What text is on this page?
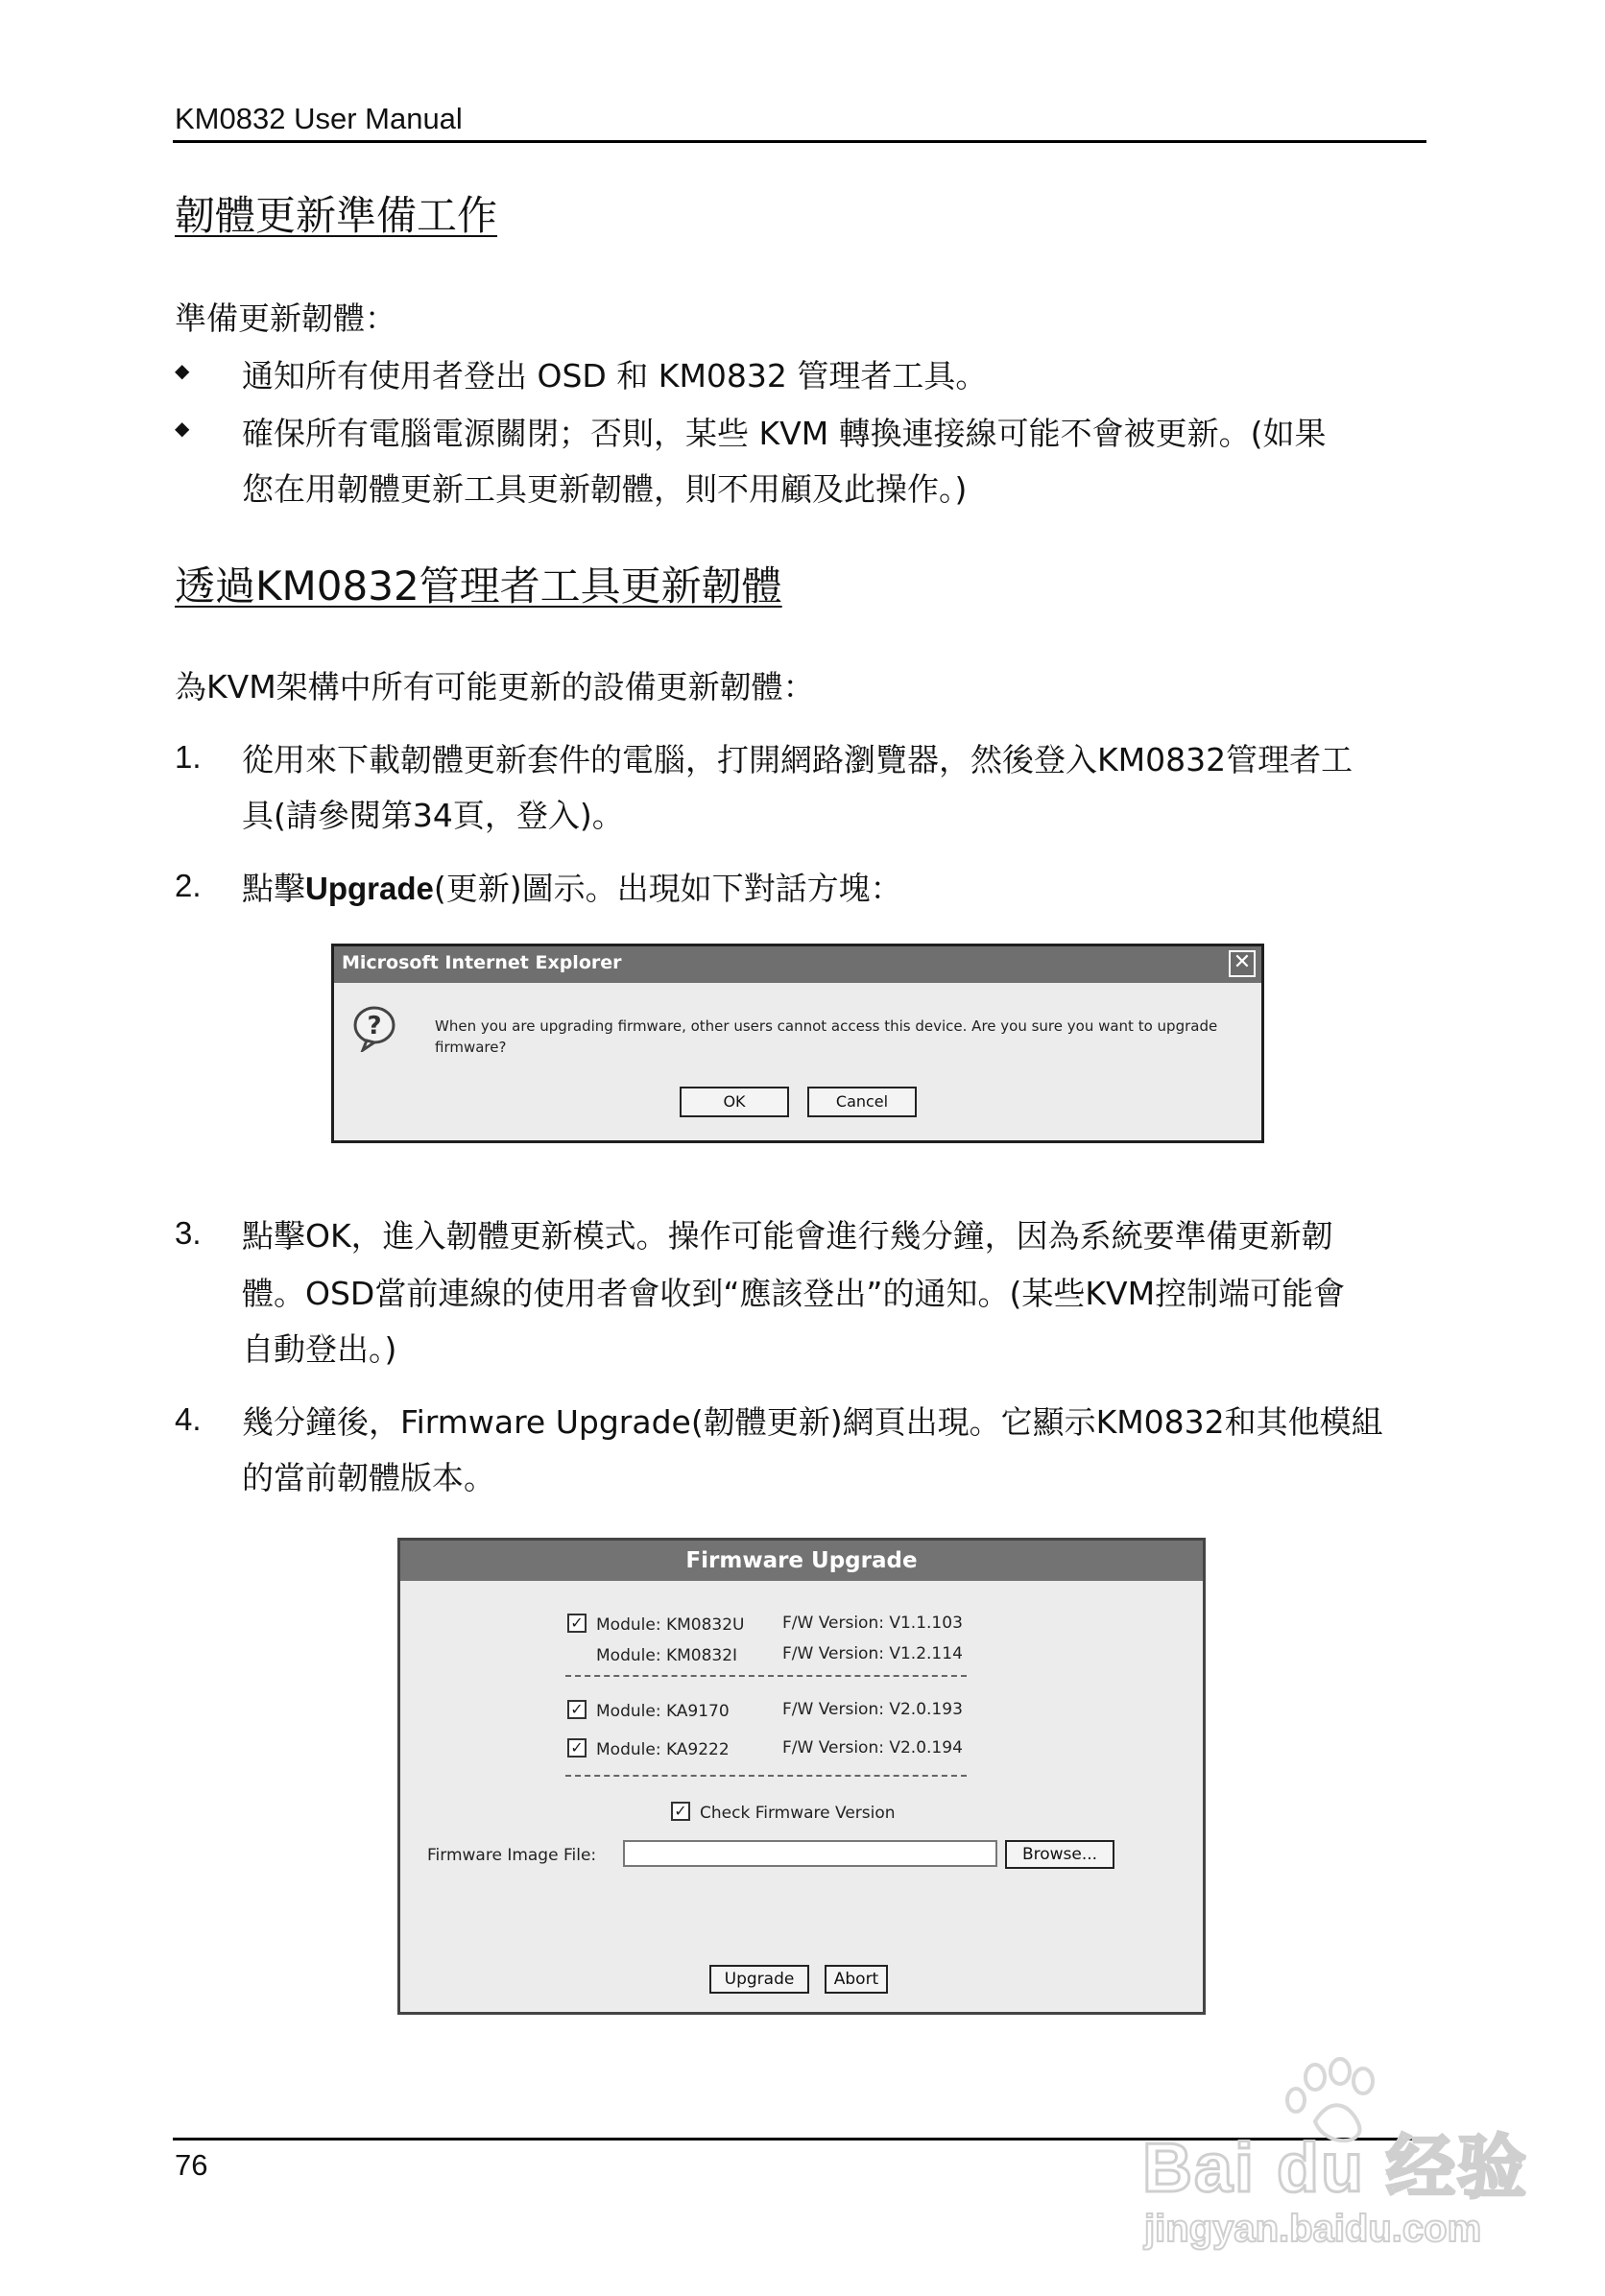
KM0832 User Manual
韌體更新準備工作
準備更新韌體：
◆ 通知所有使用者登出 OSD 和 KM0832 管理者工具。
◆ 確保所有電腦電源關閉；否則，某些 KVM 轉換連接線可能不會被更新。(如果
您在用韌體更新工具更新韌體，則不用顧及此操作。)
透過KM0832管理者工具更新韌體
為KVM架構中所有可能更新的設備更新韌體：
1. 從用來下載韌體更新套件的電腦，打開網路瀏覽器，然後登入KM0832管理者工
具(請參閱第34頁，登入)。
2. 點擊Upgrade(更新)圖示。出現如下對話方塊：
Microsoft Internet Explorer	✕
?	When you are upgrading firmware, other users cannot access this device. Are you sure you want to upgrade firmware?
OK	Cancel
3. 點擊OK，進入韌體更新模式。操作可能會進行幾分鐘，因為系統要準備更新韌
體。OSD當前連線的使用者會收到“應該登出”的通知。(某些KVM控制端可能會
自動登出。)
4. 幾分鐘後，Firmware Upgrade(韌體更新)網頁出現。它顯示KM0832和其他模組
的當前韌體版本。
Firmware Upgrade
✓ Module: KM0832U F/W Version: V1.1.103
Module: KM0832I	F/W Version: V1.2.114
✓ Module: KA9170	F/W Version: V2.0.193
✓ Module: KA9222	F/W Version: V2.0.194
✓ Check Firmware Version
Firmware Image File:	Browse...
Upgrade	Abort
76	Bai du 经验
jingyan.baidu.com
